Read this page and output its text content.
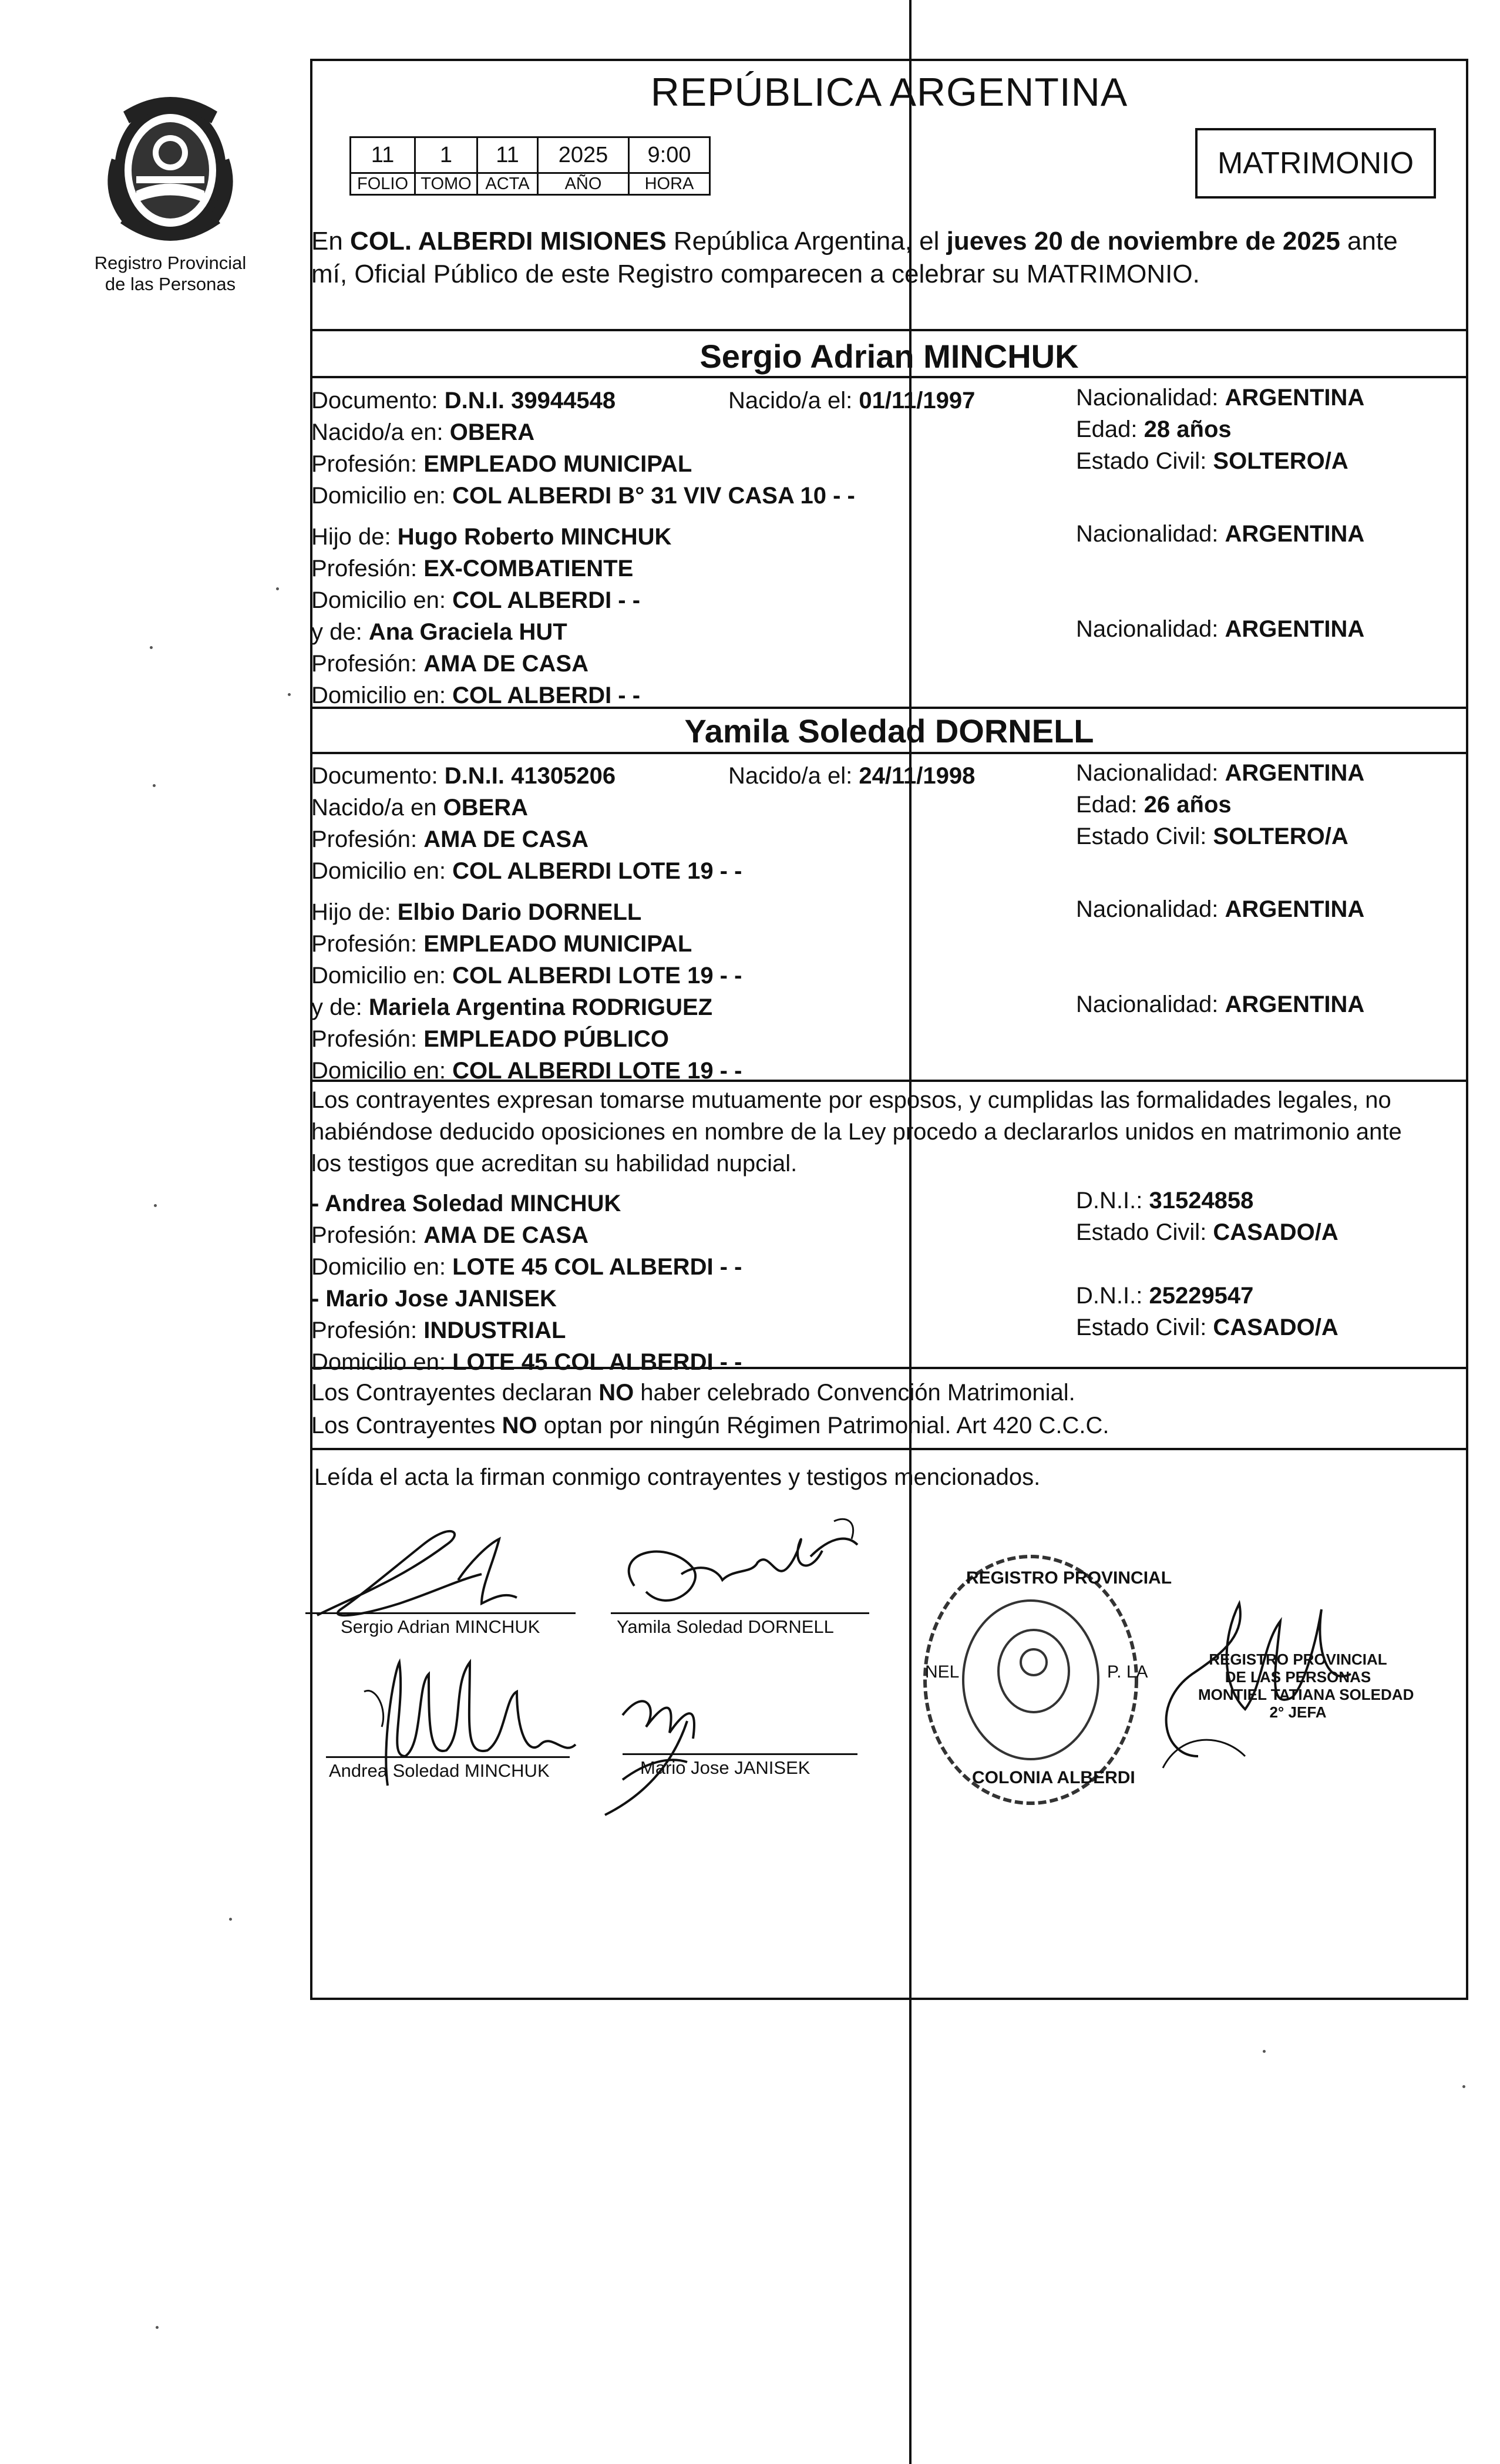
Registro Provincial
de las Personas
REPÚBLICA ARGENTINA
11	1	11	2025	9:00
FOLIO	TOMO	ACTA	AÑO	HORA
MATRIMONIO
En COL. ALBERDI MISIONES República Argentina, el jueves 20 de noviembre de 2025 ante
mí, Oficial Público de este Registro comparecen a celebrar su MATRIMONIO.
Sergio Adrian MINCHUK
Documento: D.N.I. 39944548	Nacido/a el: 01/11/1997	Nacionalidad: ARGENTINA
Nacido/a en: OBERA	Edad: 28 años
Profesión: EMPLEADO MUNICIPAL	Estado Civil: SOLTERO/A
Domicilio en: COL ALBERDI B° 31 VIV CASA 10 - -
Hijo de: Hugo Roberto MINCHUK	Nacionalidad: ARGENTINA
Profesión: EX-COMBATIENTE
Domicilio en: COL ALBERDI - -
y de: Ana Graciela HUT	Nacionalidad: ARGENTINA
Profesión: AMA DE CASA
Domicilio en: COL ALBERDI - -
Yamila Soledad DORNELL
Documento: D.N.I. 41305206	Nacido/a el: 24/11/1998	Nacionalidad: ARGENTINA
Nacido/a en OBERA	Edad: 26 años
Profesión: AMA DE CASA	Estado Civil: SOLTERO/A
Domicilio en: COL ALBERDI LOTE 19 - -
Hijo de: Elbio Dario DORNELL	Nacionalidad: ARGENTINA
Profesión: EMPLEADO MUNICIPAL
Domicilio en: COL ALBERDI LOTE 19 - -
y de: Mariela Argentina RODRIGUEZ	Nacionalidad: ARGENTINA
Profesión: EMPLEADO PÚBLICO
Domicilio en: COL ALBERDI LOTE 19 - -
Los contrayentes expresan tomarse mutuamente por esposos, y cumplidas las formalidades legales, no
habiéndose deducido oposiciones en nombre de la Ley procedo a declararlos unidos en matrimonio ante
los testigos que acreditan su habilidad nupcial.
- Andrea Soledad MINCHUK	D.N.I.: 31524858
Profesión: AMA DE CASA	Estado Civil: CASADO/A
Domicilio en: LOTE 45 COL ALBERDI - -
- Mario Jose JANISEK	D.N.I.: 25229547
Profesión: INDUSTRIAL	Estado Civil: CASADO/A
Domicilio en: LOTE 45 COL ALBERDI - -
Los Contrayentes declaran NO haber celebrado Convención Matrimonial.
Los Contrayentes NO optan por ningún Régimen Patrimonial. Art 420 C.C.C.
Leída el acta la firman conmigo contrayentes y testigos mencionados.
Sergio Adrian MINCHUK	Yamila Soledad DORNELL
Andrea Soledad MINCHUK	Mario Jose JANISEK
REGISTRO PROVINCIAL
COLONIA ALBERDI
NEL	P. LA
REGISTRO PROVINCIAL
DE LAS PERSONAS
MONTIEL TATIANA SOLEDAD
2° JEFA
